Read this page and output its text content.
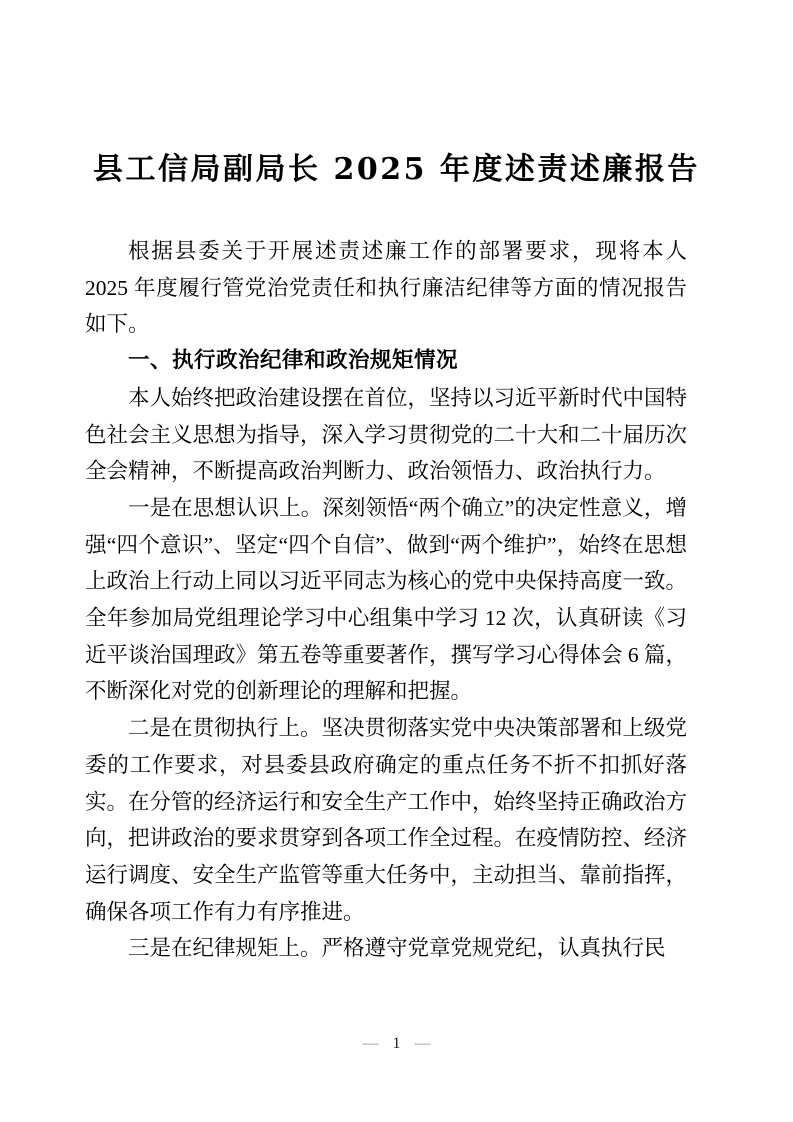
县工信局副局长 2025 年度述责述廉报告

根据县委关于开展述责述廉工作的部署要求，现将本人 2025 年度履行管党治党责任和执行廉洁纪律等方面的情况报告如下。

一、执行政治纪律和政治规矩情况

本人始终把政治建设摆在首位，坚持以习近平新时代中国特色社会主义思想为指导，深入学习贯彻党的二十大和二十届历次全会精神，不断提高政治判断力、政治领悟力、政治执行力。

一是在思想认识上。深刻领悟“两个确立”的决定性意义，增强“四个意识”、坚定“四个自信”、做到“两个维护”，始终在思想上政治上行动上同以习近平同志为核心的党中央保持高度一致。全年参加局党组理论学习中心组集中学习 12 次，认真研读《习近平谈治国理政》第五卷等重要著作，撰写学习心得体会 6 篇，不断深化对党的创新理论的理解和把握。

二是在贯彻执行上。坚决贯彻落实党中央决策部署和上级党委的工作要求，对县委县政府确定的重点任务不折不扣抓好落实。在分管的经济运行和安全生产工作中，始终坚持正确政治方向，把讲政治的要求贯穿到各项工作全过程。在疫情防控、经济运行调度、安全生产监管等重大任务中，主动担当、靠前指挥，确保各项工作有力有序推进。

三是在纪律规矩上。严格遵守党章党规党纪，认真执行民

— 1 —
